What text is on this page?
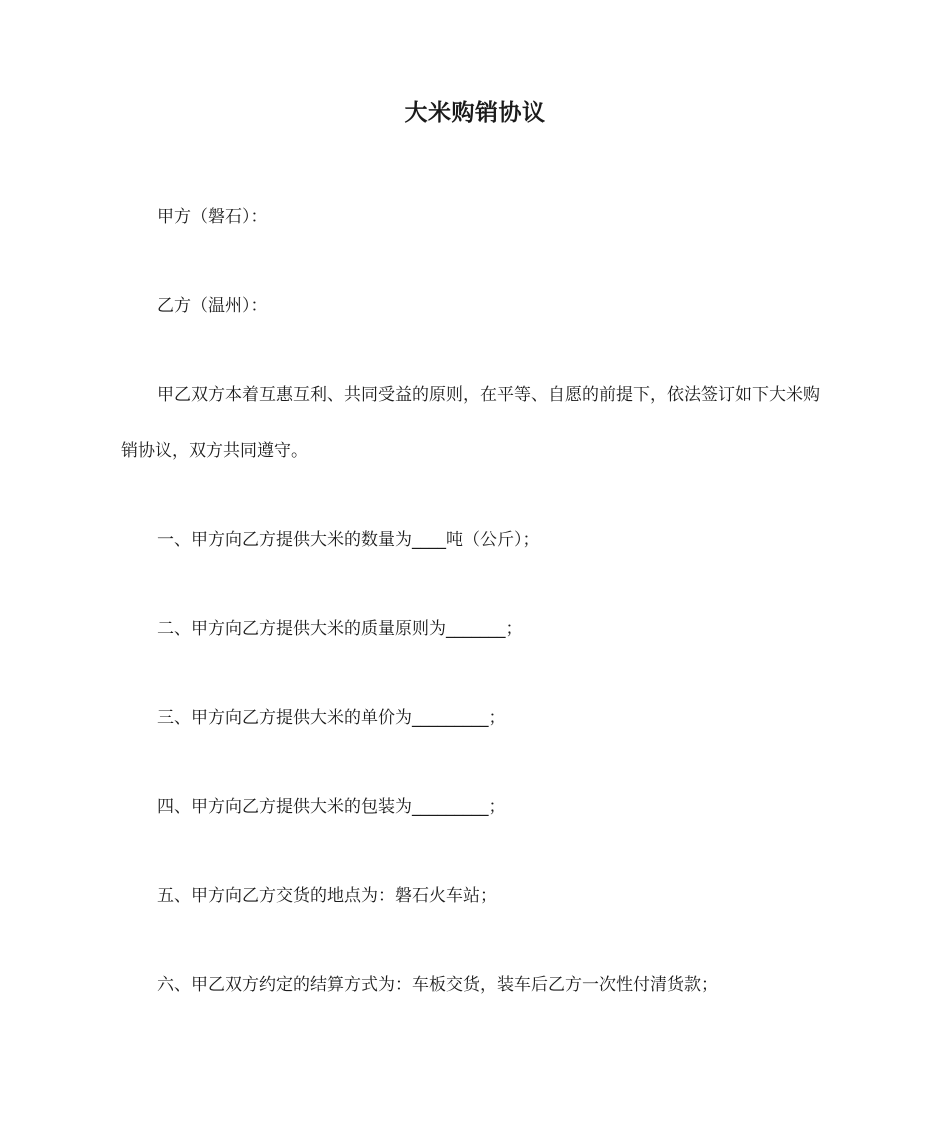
大米购销协议

甲方（磐石）：

乙方（温州）：

甲乙双方本着互惠互利、共同受益的原则，在平等、自愿的前提下，依法签订如下大米购销协议，双方共同遵守。

一、甲方向乙方提供大米的数量为____吨（公斤）；

二、甲方向乙方提供大米的质量原则为_______；

三、甲方向乙方提供大米的单价为_________；

四、甲方向乙方提供大米的包装为_________；

五、甲方向乙方交货的地点为：磐石火车站；

六、甲乙双方约定的结算方式为：车板交货，装车后乙方一次性付清货款；
